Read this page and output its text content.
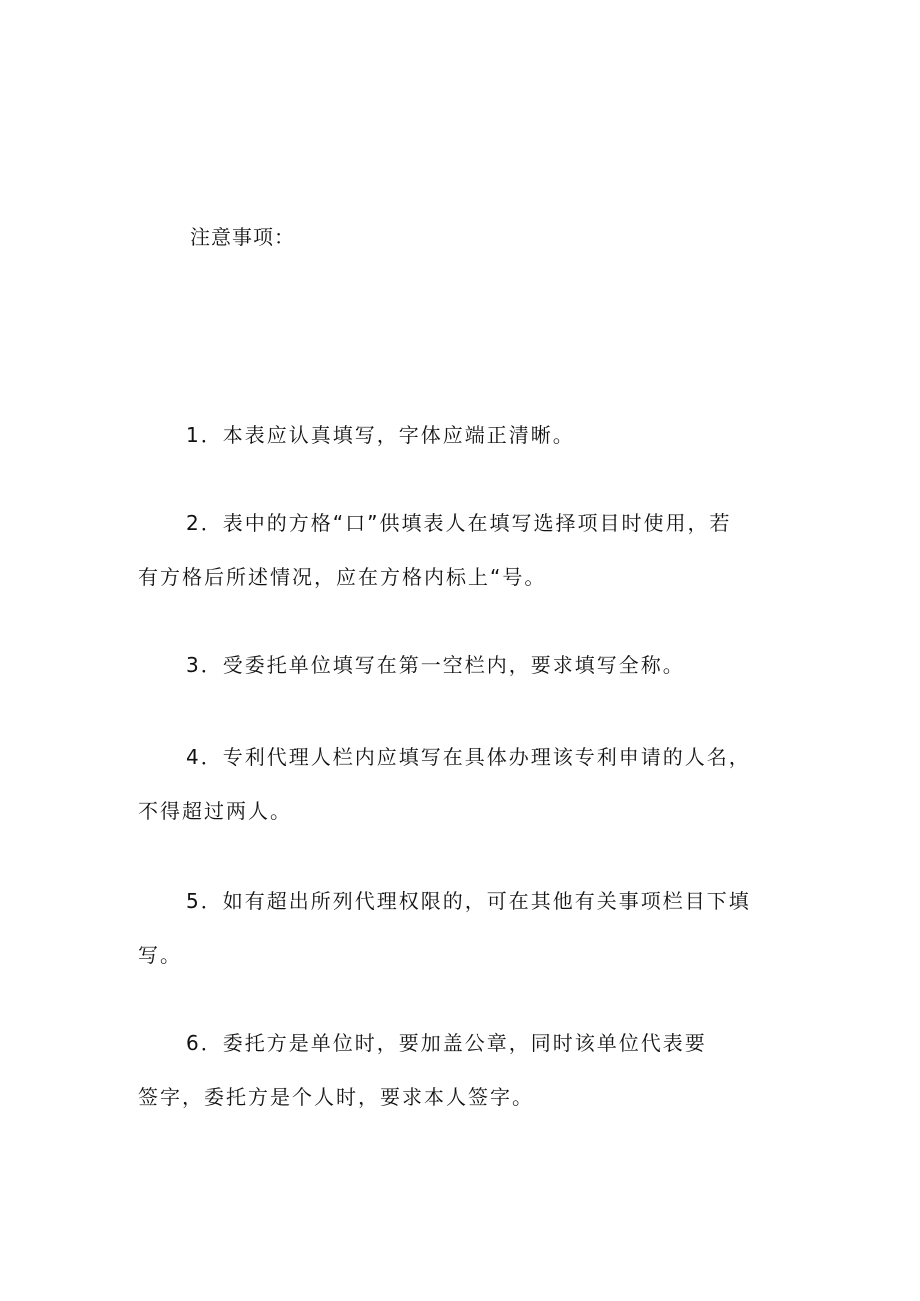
注意事项：
1．本表应认真填写，字体应端正清晰。
2．表中的方格“口”供填表人在填写选择项目时使用，若
有方格后所述情况，应在方格内标上“号。
3．受委托单位填写在第一空栏内，要求填写全称。
4．专利代理人栏内应填写在具体办理该专利申请的人名，
不得超过两人。
5．如有超出所列代理权限的，可在其他有关事项栏目下填
写。
6．委托方是单位时，要加盖公章，同时该单位代表要
签字，委托方是个人时，要求本人签字。
